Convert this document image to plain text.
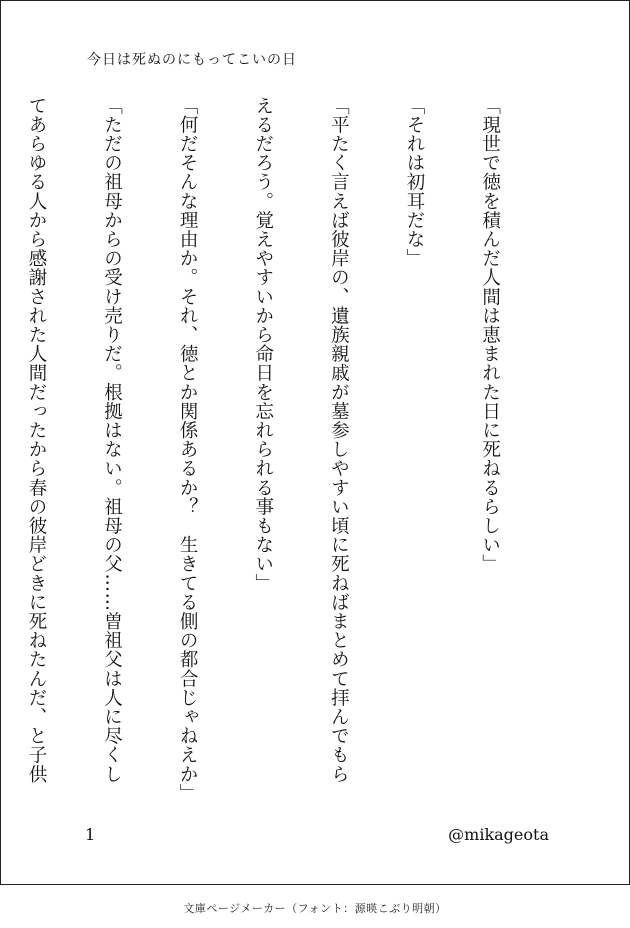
今日は死ぬのにもってこいの日

「現世で徳を積んだ人間は恵まれた日に死ねるらしい」

「それは初耳だな」

「平たく言えば彼岸の、遺族親戚が墓参しやすい頃に死ねばまとめて拝んでもら

えるだろう。覚えやすいから命日を忘れられる事もない」

「何だそんな理由か。それ、徳とか関係あるか？　生きてる側の都合じゃねえか」

「ただの祖母からの受け売りだ。根拠はない。祖母の父……曽祖父は人に尽くし

てあらゆる人から感謝された人間だったから春の彼岸どきに死ねたんだ、と子供

1	@mikageota
文庫ページメーカー（フォント：源暎こぶり明朝）
